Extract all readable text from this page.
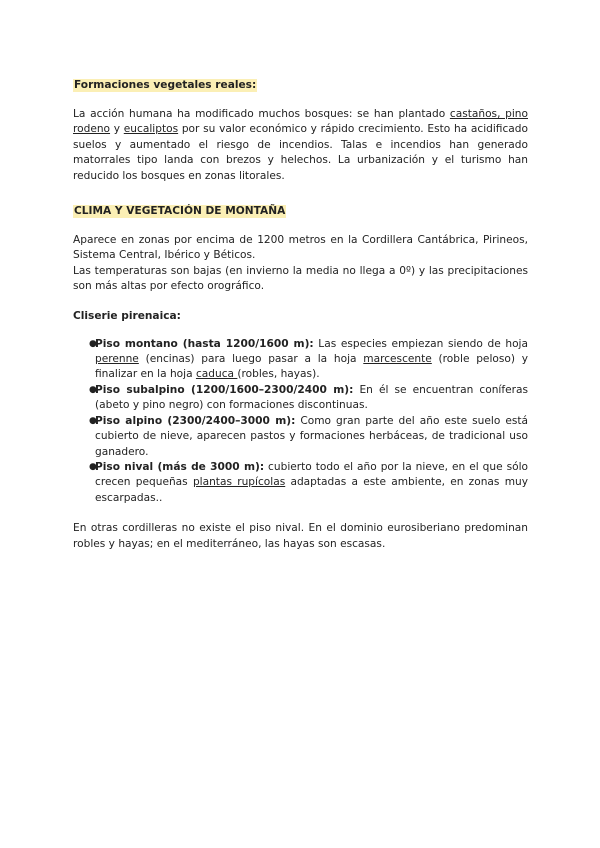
Formaciones vegetales reales:

La acción humana ha modificado muchos bosques: se han plantado castaños, pino rodeno y eucaliptos por su valor económico y rápido crecimiento. Esto ha acidificado suelos y aumentado el riesgo de incendios. Talas e incendios han generado matorrales tipo landa con brezos y helechos. La urbanización y el turismo han reducido los bosques en zonas litorales.

CLIMA Y VEGETACIÓN DE MONTAÑA

Aparece en zonas por encima de 1200 metros en la Cordillera Cantábrica, Pirineos, Sistema Central, Ibérico y Béticos.

Las temperaturas son bajas (en invierno la media no llega a 0º) y las precipitaciones son más altas por efecto orográfico.

Cliserie pirenaica:
●
Piso montano (hasta 1200/1600 m): Las especies empiezan siendo de hoja perenne (encinas) para luego pasar a la hoja marcescente (roble peloso) y finalizar en la hoja caduca (robles, hayas).
●
Piso subalpino (1200/1600–2300/2400 m): En él se encuentran coníferas (abeto y pino negro) con formaciones discontinuas.
●
Piso alpino (2300/2400–3000 m): Como gran parte del año este suelo está cubierto de nieve, aparecen pastos y formaciones herbáceas, de tradicional uso ganadero.
●
Piso nival (más de 3000 m): cubierto todo el año por la nieve, en el que sólo crecen pequeñas plantas rupícolas adaptadas a este ambiente, en zonas muy escarpadas..

En otras cordilleras no existe el piso nival. En el dominio eurosiberiano predominan robles y hayas; en el mediterráneo, las hayas son escasas.
